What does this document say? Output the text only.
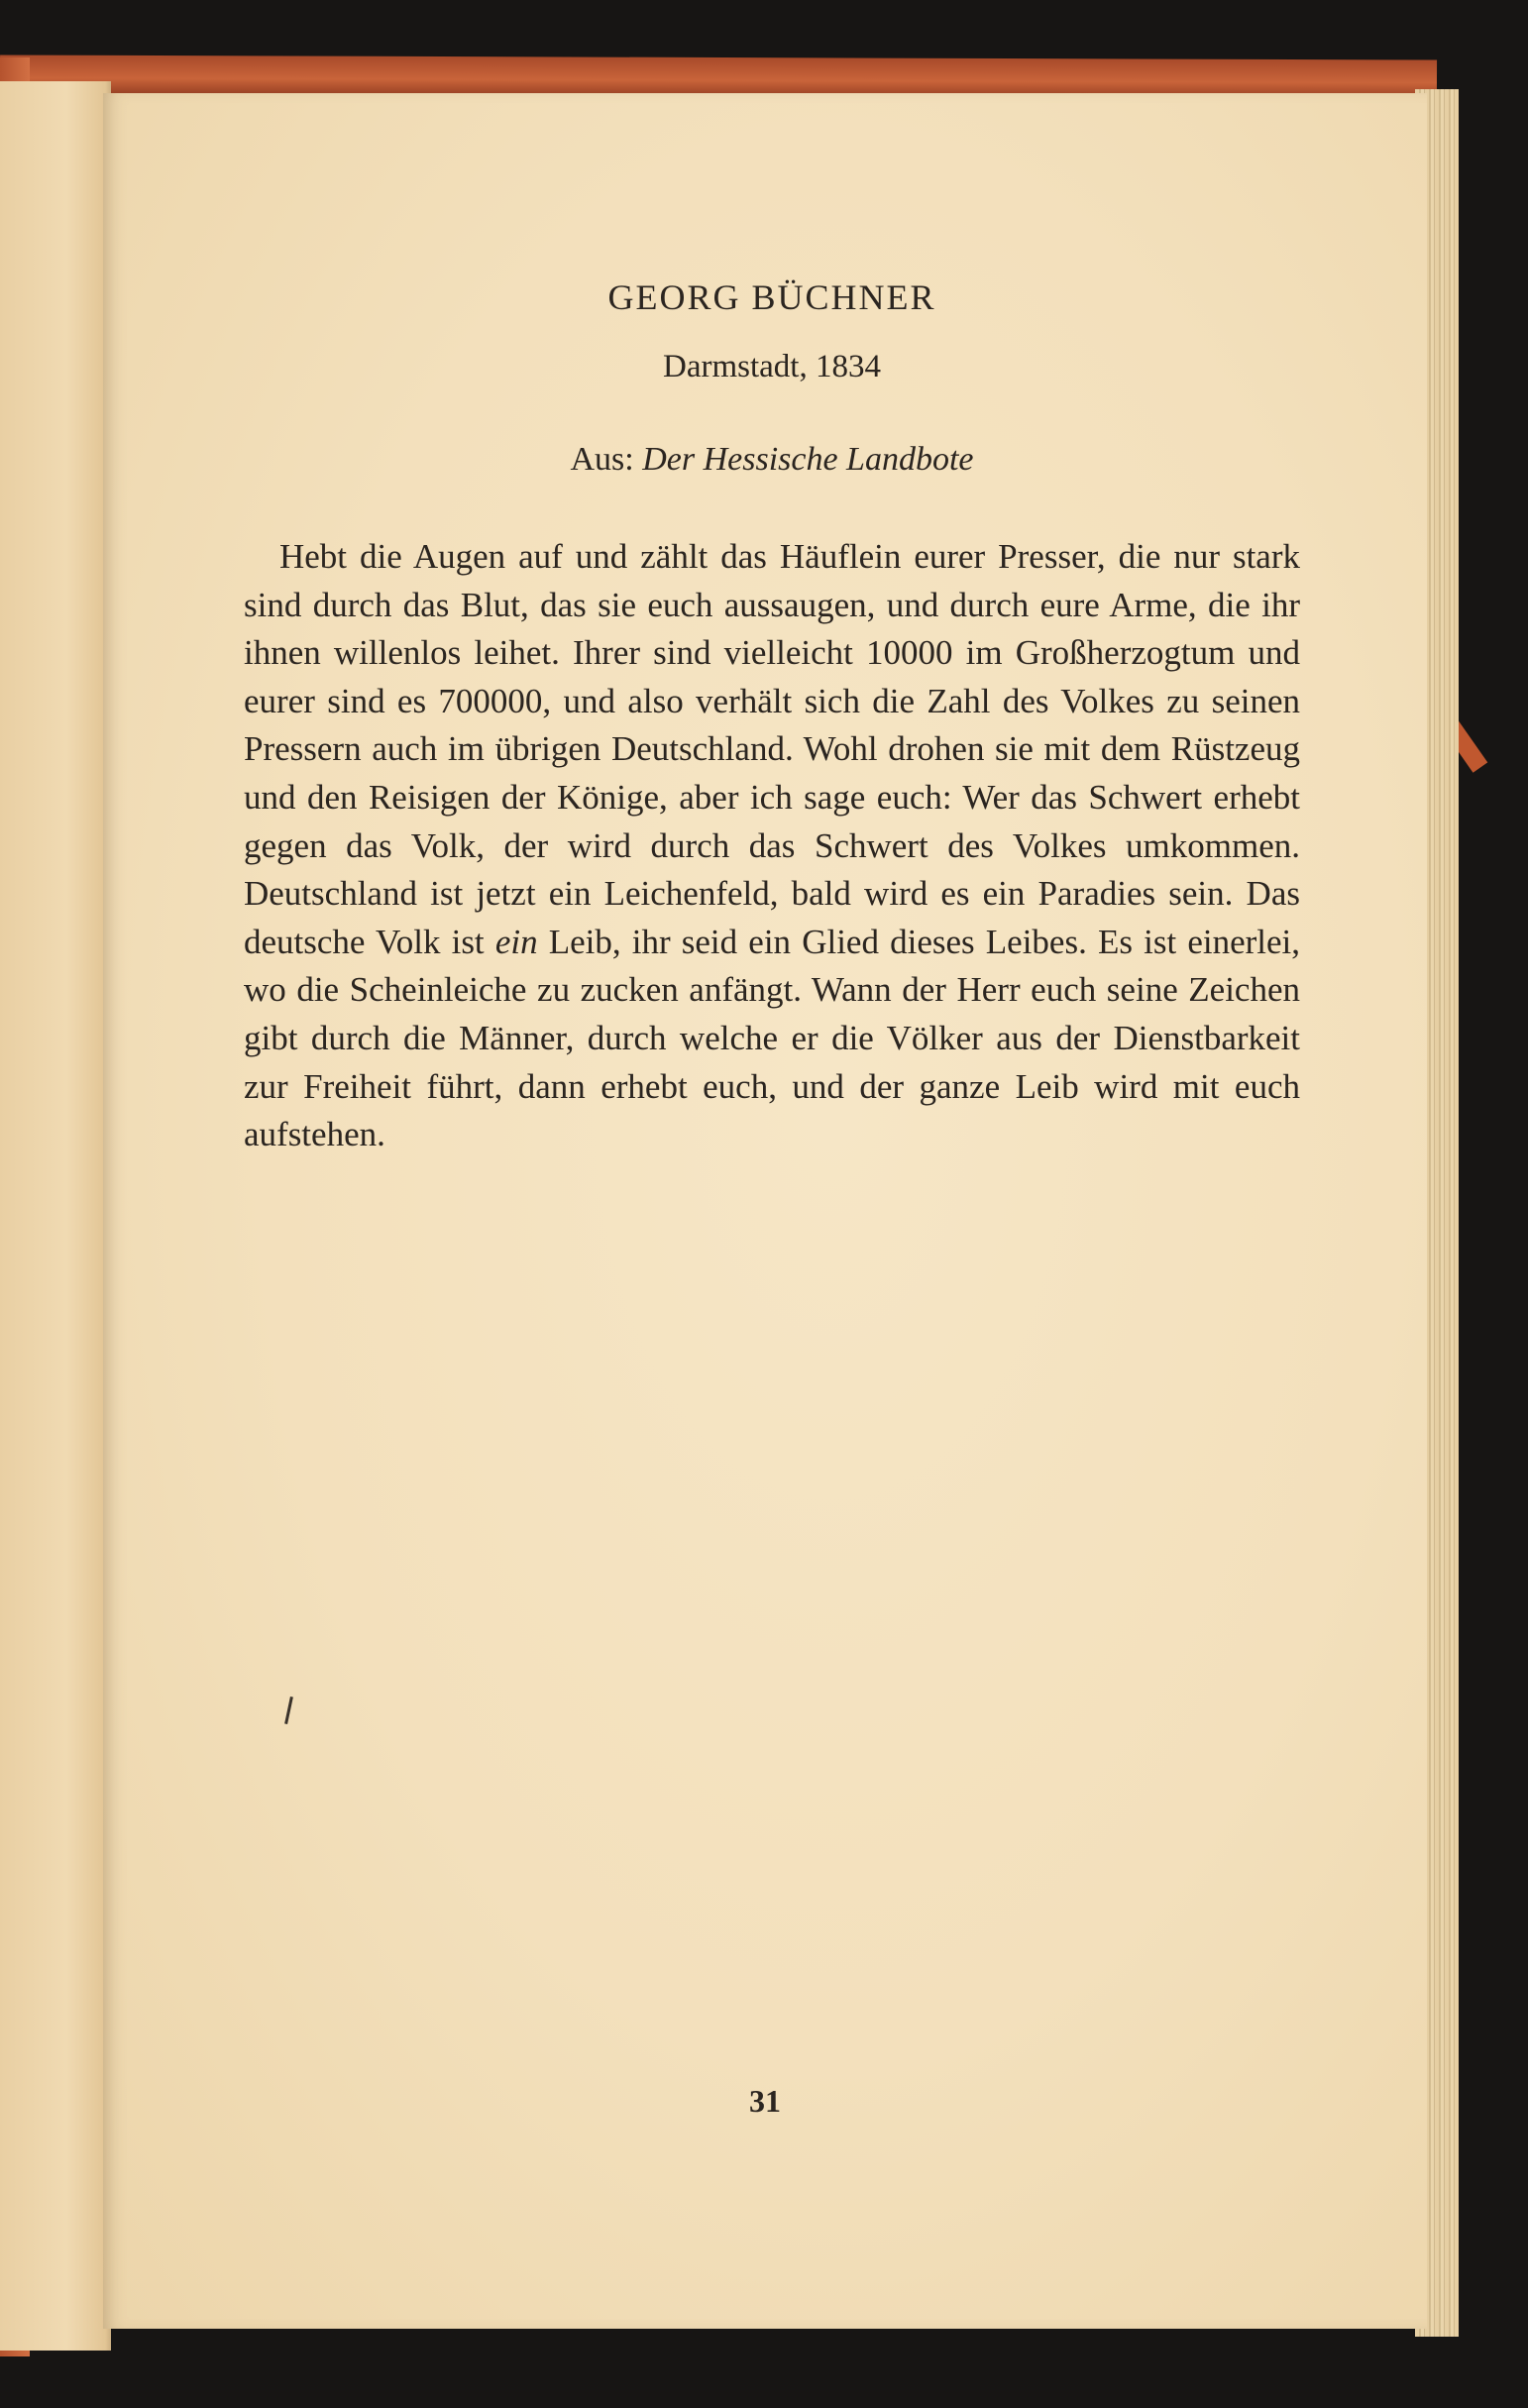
GEORG BÜCHNER

Darmstadt, 1834

Aus: Der Hessische Landbote

Hebt die Augen auf und zählt das Häuflein eurer Presser, die nur stark sind durch das Blut, das sie euch aussaugen, und durch eure Arme, die ihr ihnen willenlos leihet. Ihrer sind vielleicht 10000 im Großherzogtum und eurer sind es 700000, und also verhält sich die Zahl des Volkes zu seinen Pressern auch im übrigen Deutschland. Wohl drohen sie mit dem Rüstzeug und den Reisigen der Könige, aber ich sage euch: Wer das Schwert erhebt gegen das Volk, der wird durch das Schwert des Volkes umkommen. Deutschland ist jetzt ein Leichenfeld, bald wird es ein Paradies sein. Das deutsche Volk ist ein Leib, ihr seid ein Glied dieses Leibes. Es ist einerlei, wo die Scheinleiche zu zucken anfängt. Wann der Herr euch seine Zeichen gibt durch die Männer, durch welche er die Völker aus der Dienstbarkeit zur Freiheit führt, dann erhebt euch, und der ganze Leib wird mit euch aufstehen.

31
